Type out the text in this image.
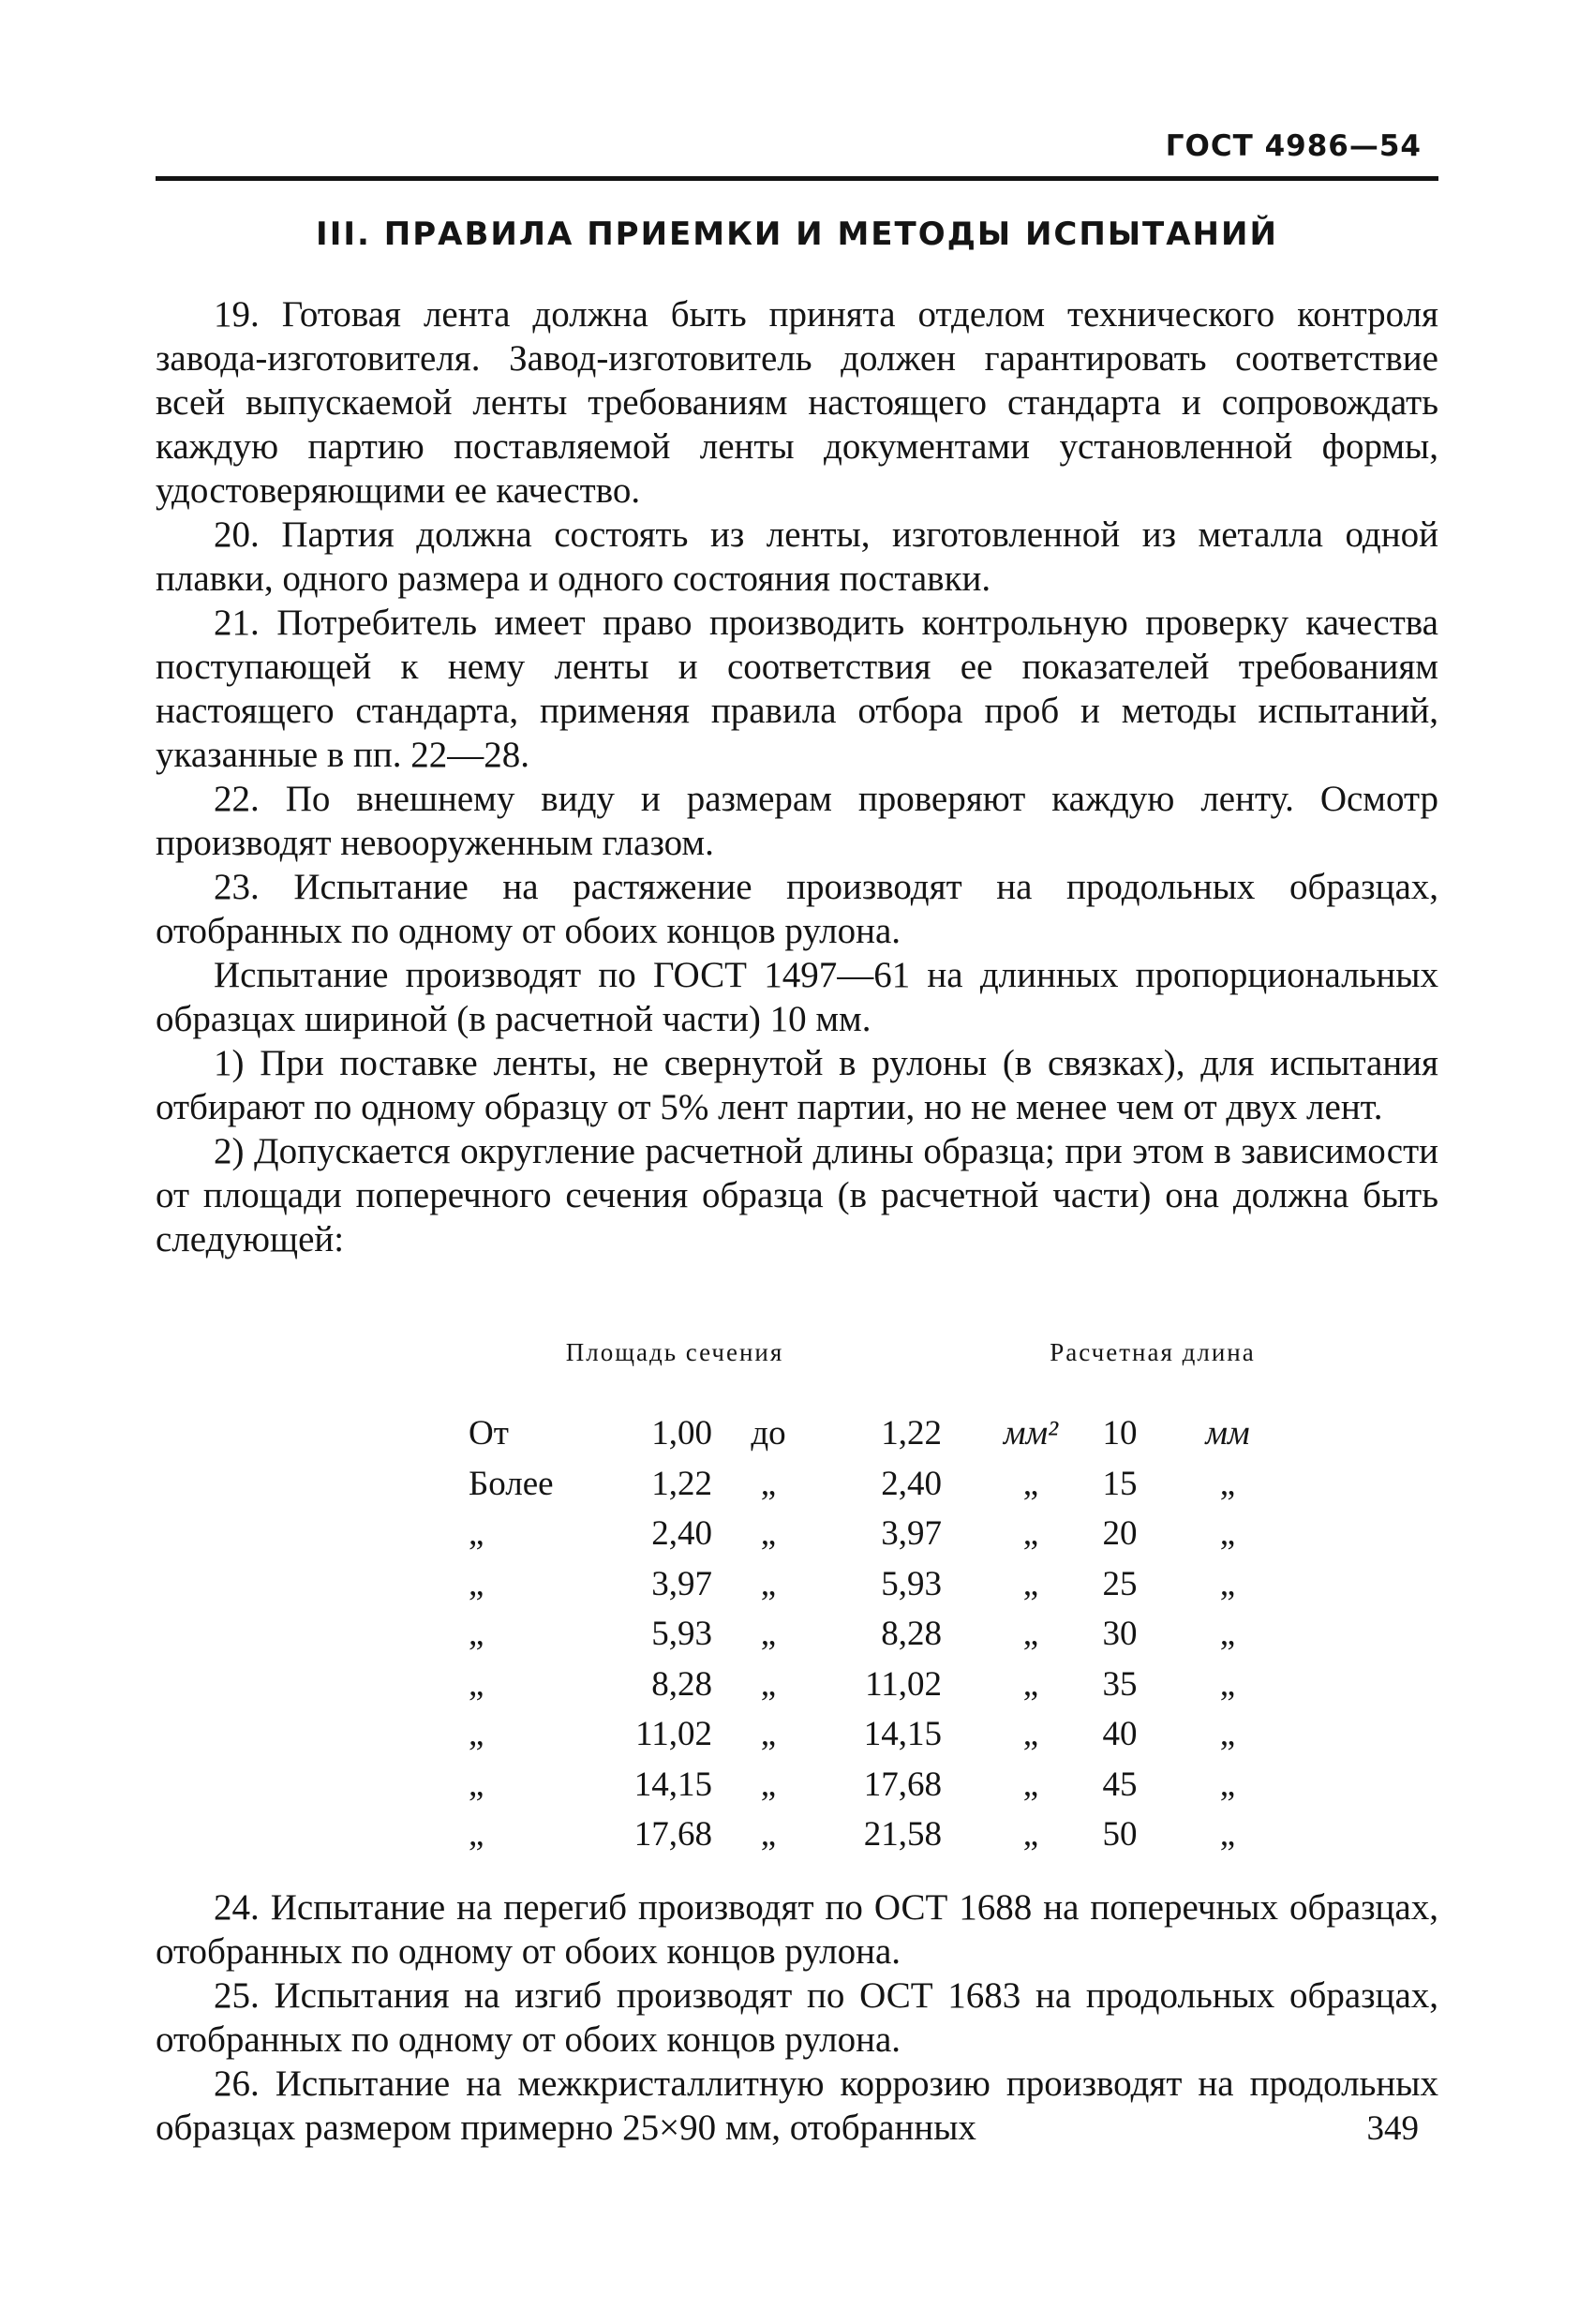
ГОСТ 4986—54
III. ПРАВИЛА ПРИЕМКИ И МЕТОДЫ ИСПЫТАНИЙ

19. Готовая лента должна быть принята отделом технического контроля завода-изготовителя. Завод-изготовитель должен гарантировать соответствие всей выпускаемой ленты требованиям настоящего стандарта и сопровождать каждую партию поставляемой ленты документами установленной формы, удостоверяющими ее качество.

20. Партия должна состоять из ленты, изготовленной из металла одной плавки, одного размера и одного состояния поставки.

21. Потребитель имеет право производить контрольную проверку качества поступающей к нему ленты и соответствия ее показателей требованиям настоящего стандарта, применяя правила отбора проб и методы испытаний, указанные в пп. 22—28.

22. По внешнему виду и размерам проверяют каждую ленту. Осмотр производят невооруженным глазом.

23. Испытание на растяжение производят на продольных образцах, отобранных по одному от обоих концов рулона.

Испытание производят по ГОСТ 1497—61 на длинных пропорциональных образцах шириной (в расчетной части) 10 мм.

1) При поставке ленты, не свернутой в рулоны (в связках), для испытания отбирают по одному образцу от 5% лент партии, но не менее чем от двух лент.

2) Допускается округление расчетной длины образца; при этом в зависимости от площади поперечного сечения образца (в расчетной части) она должна быть следующей:

Площадь сечения	Расчетная длина
От	1,00	до	1,22 мм²	10	мм
Более	1,22	„	2,40	„	15	„
„	2,40	„	3,97	„	20	„
„	3,97	„	5,93	„	25	„
„	5,93	„	8,28	„	30	„
„	8,28	„	11,02	„	35	„
„	11,02	„	14,15	„	40	„
„	14,15	„	17,68	„	45	„
„	17,68	„	21,58	„	50	„

24. Испытание на перегиб производят по ОСТ 1688 на поперечных образцах, отобранных по одному от обоих концов рулона.

25. Испытания на изгиб производят по ОСТ 1683 на продольных образцах, отобранных по одному от обоих концов рулона.

26. Испытание на межкристаллитную коррозию производят на продольных образцах размером примерно 25×90 мм, отобранных	349
